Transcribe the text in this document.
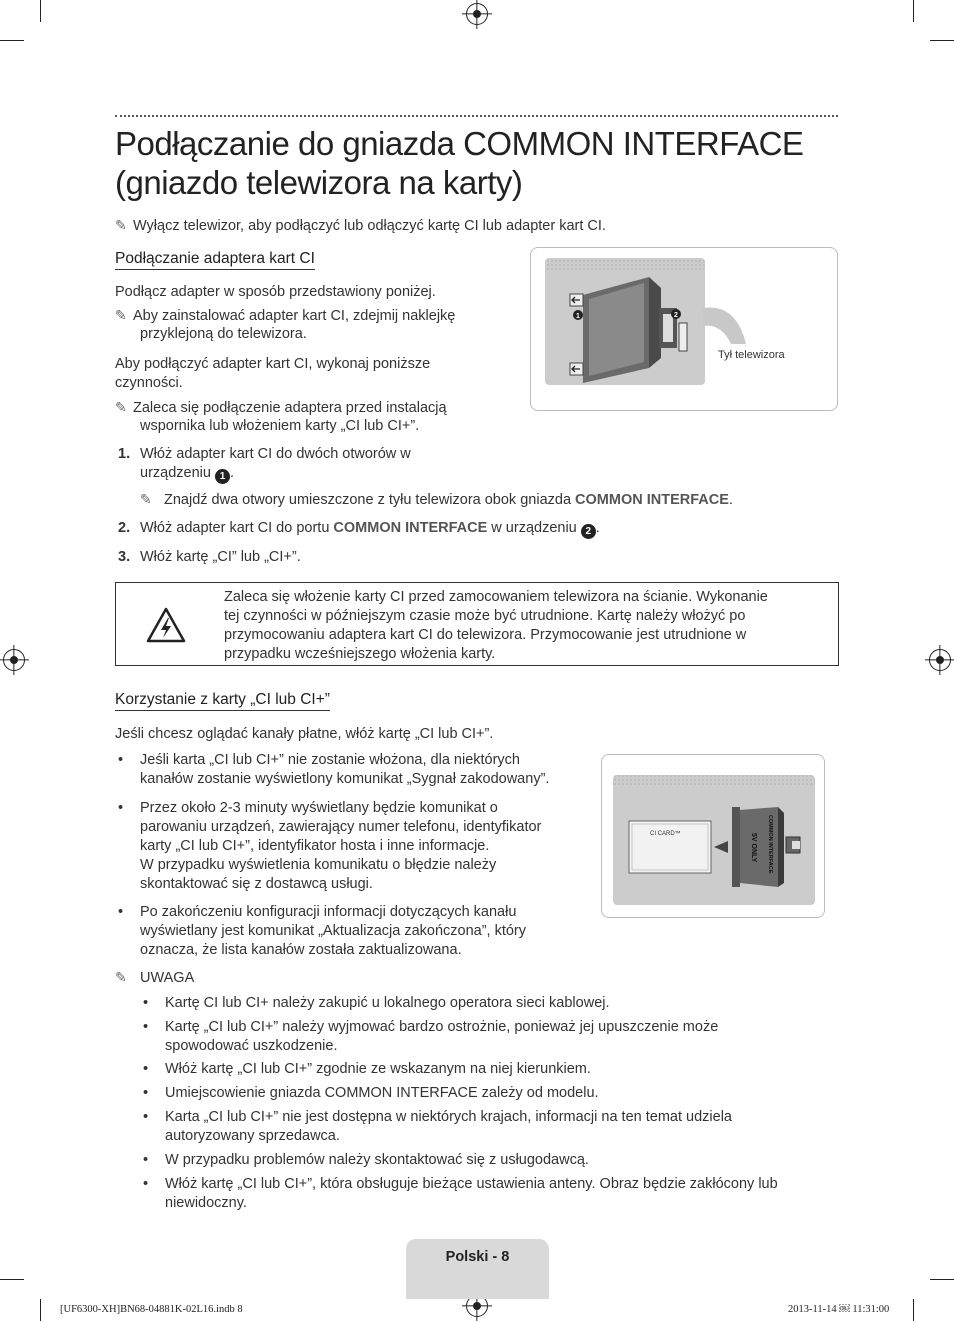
Podłączanie do gniazda COMMON INTERFACE
(gniazdo telewizora na karty)
✎ Wyłącz telewizor, aby podłączyć lub odłączyć kartę CI lub adapter kart CI.
Podłączanie adaptera kart CI
Podłącz adapter w sposób przedstawiony poniżej.
✎ Aby zainstalować adapter kart CI, zdejmij naklejkę
przyklejoną do telewizora.
Aby podłączyć adapter kart CI, wykonaj poniższe
czynności.
✎ Zaleca się podłączenie adaptera przed instalacją
wspornika lub włożeniem karty „CI lub CI+”.
1. Włóż adapter kart CI do dwóch otworów w
urządzeniu 1 .
✎ Znajdź dwa otwory umieszczone z tyłu telewizora obok gniazda COMMON INTERFACE.
2. Włóż adapter kart CI do portu COMMON INTERFACE w urządzeniu 2 .
3. Włóż kartę „CI” lub „CI+”.
1	2
Tył telewizora
Zaleca się włożenie karty CI przed zamocowaniem telewizora na ścianie. Wykonanie
tej czynności w późniejszym czasie może być utrudnione. Kartę należy włożyć po
przymocowaniu adaptera kart CI do telewizora. Przymocowanie jest utrudnione w
przypadku wcześniejszego włożenia karty.
Korzystanie z karty „CI lub CI+”
Jeśli chcesz oglądać kanały płatne, włóż kartę „CI lub CI+”.
• Jeśli karta „CI lub CI+” nie zostanie włożona, dla niektórych
kanałów zostanie wyświetlony komunikat „Sygnał zakodowany”.
• Przez około 2-3 minuty wyświetlany będzie komunikat o
parowaniu urządzeń, zawierający numer telefonu, identyfikator
karty „CI lub CI+”, identyfikator hosta i inne informacje.
W przypadku wyświetlenia komunikatu o błędzie należy
skontaktować się z dostawcą usługi.
• Po zakończeniu konfiguracji informacji dotyczących kanału
wyświetlany jest komunikat „Aktualizacja zakończona”, który
oznacza, że lista kanałów została zaktualizowana.
CI CARD™	COMMON INTERFACE
5V ONLY
✎ UWAGA
• Kartę CI lub CI+ należy zakupić u lokalnego operatora sieci kablowej.
• Kartę „CI lub CI+” należy wyjmować bardzo ostrożnie, ponieważ jej upuszczenie może
spowodować uszkodzenie.
• Włóż kartę „CI lub CI+” zgodnie ze wskazanym na niej kierunkiem.
• Umiejscowienie gniazda COMMON INTERFACE zależy od modelu.
• Karta „CI lub CI+” nie jest dostępna w niektórych krajach, informacji na ten temat udziela
autoryzowany sprzedawca.
• W przypadku problemów należy skontaktować się z usługodawcą.
• Włóż kartę „CI lub CI+”, która obsługuje bieżące ustawienia anteny. Obraz będzie zakłócony lub
niewidoczny.
Polski - 8
[UF6300-XH]BN68-04881K-02L16.indb 8	2013-11-14 ￼ 11:31:00
